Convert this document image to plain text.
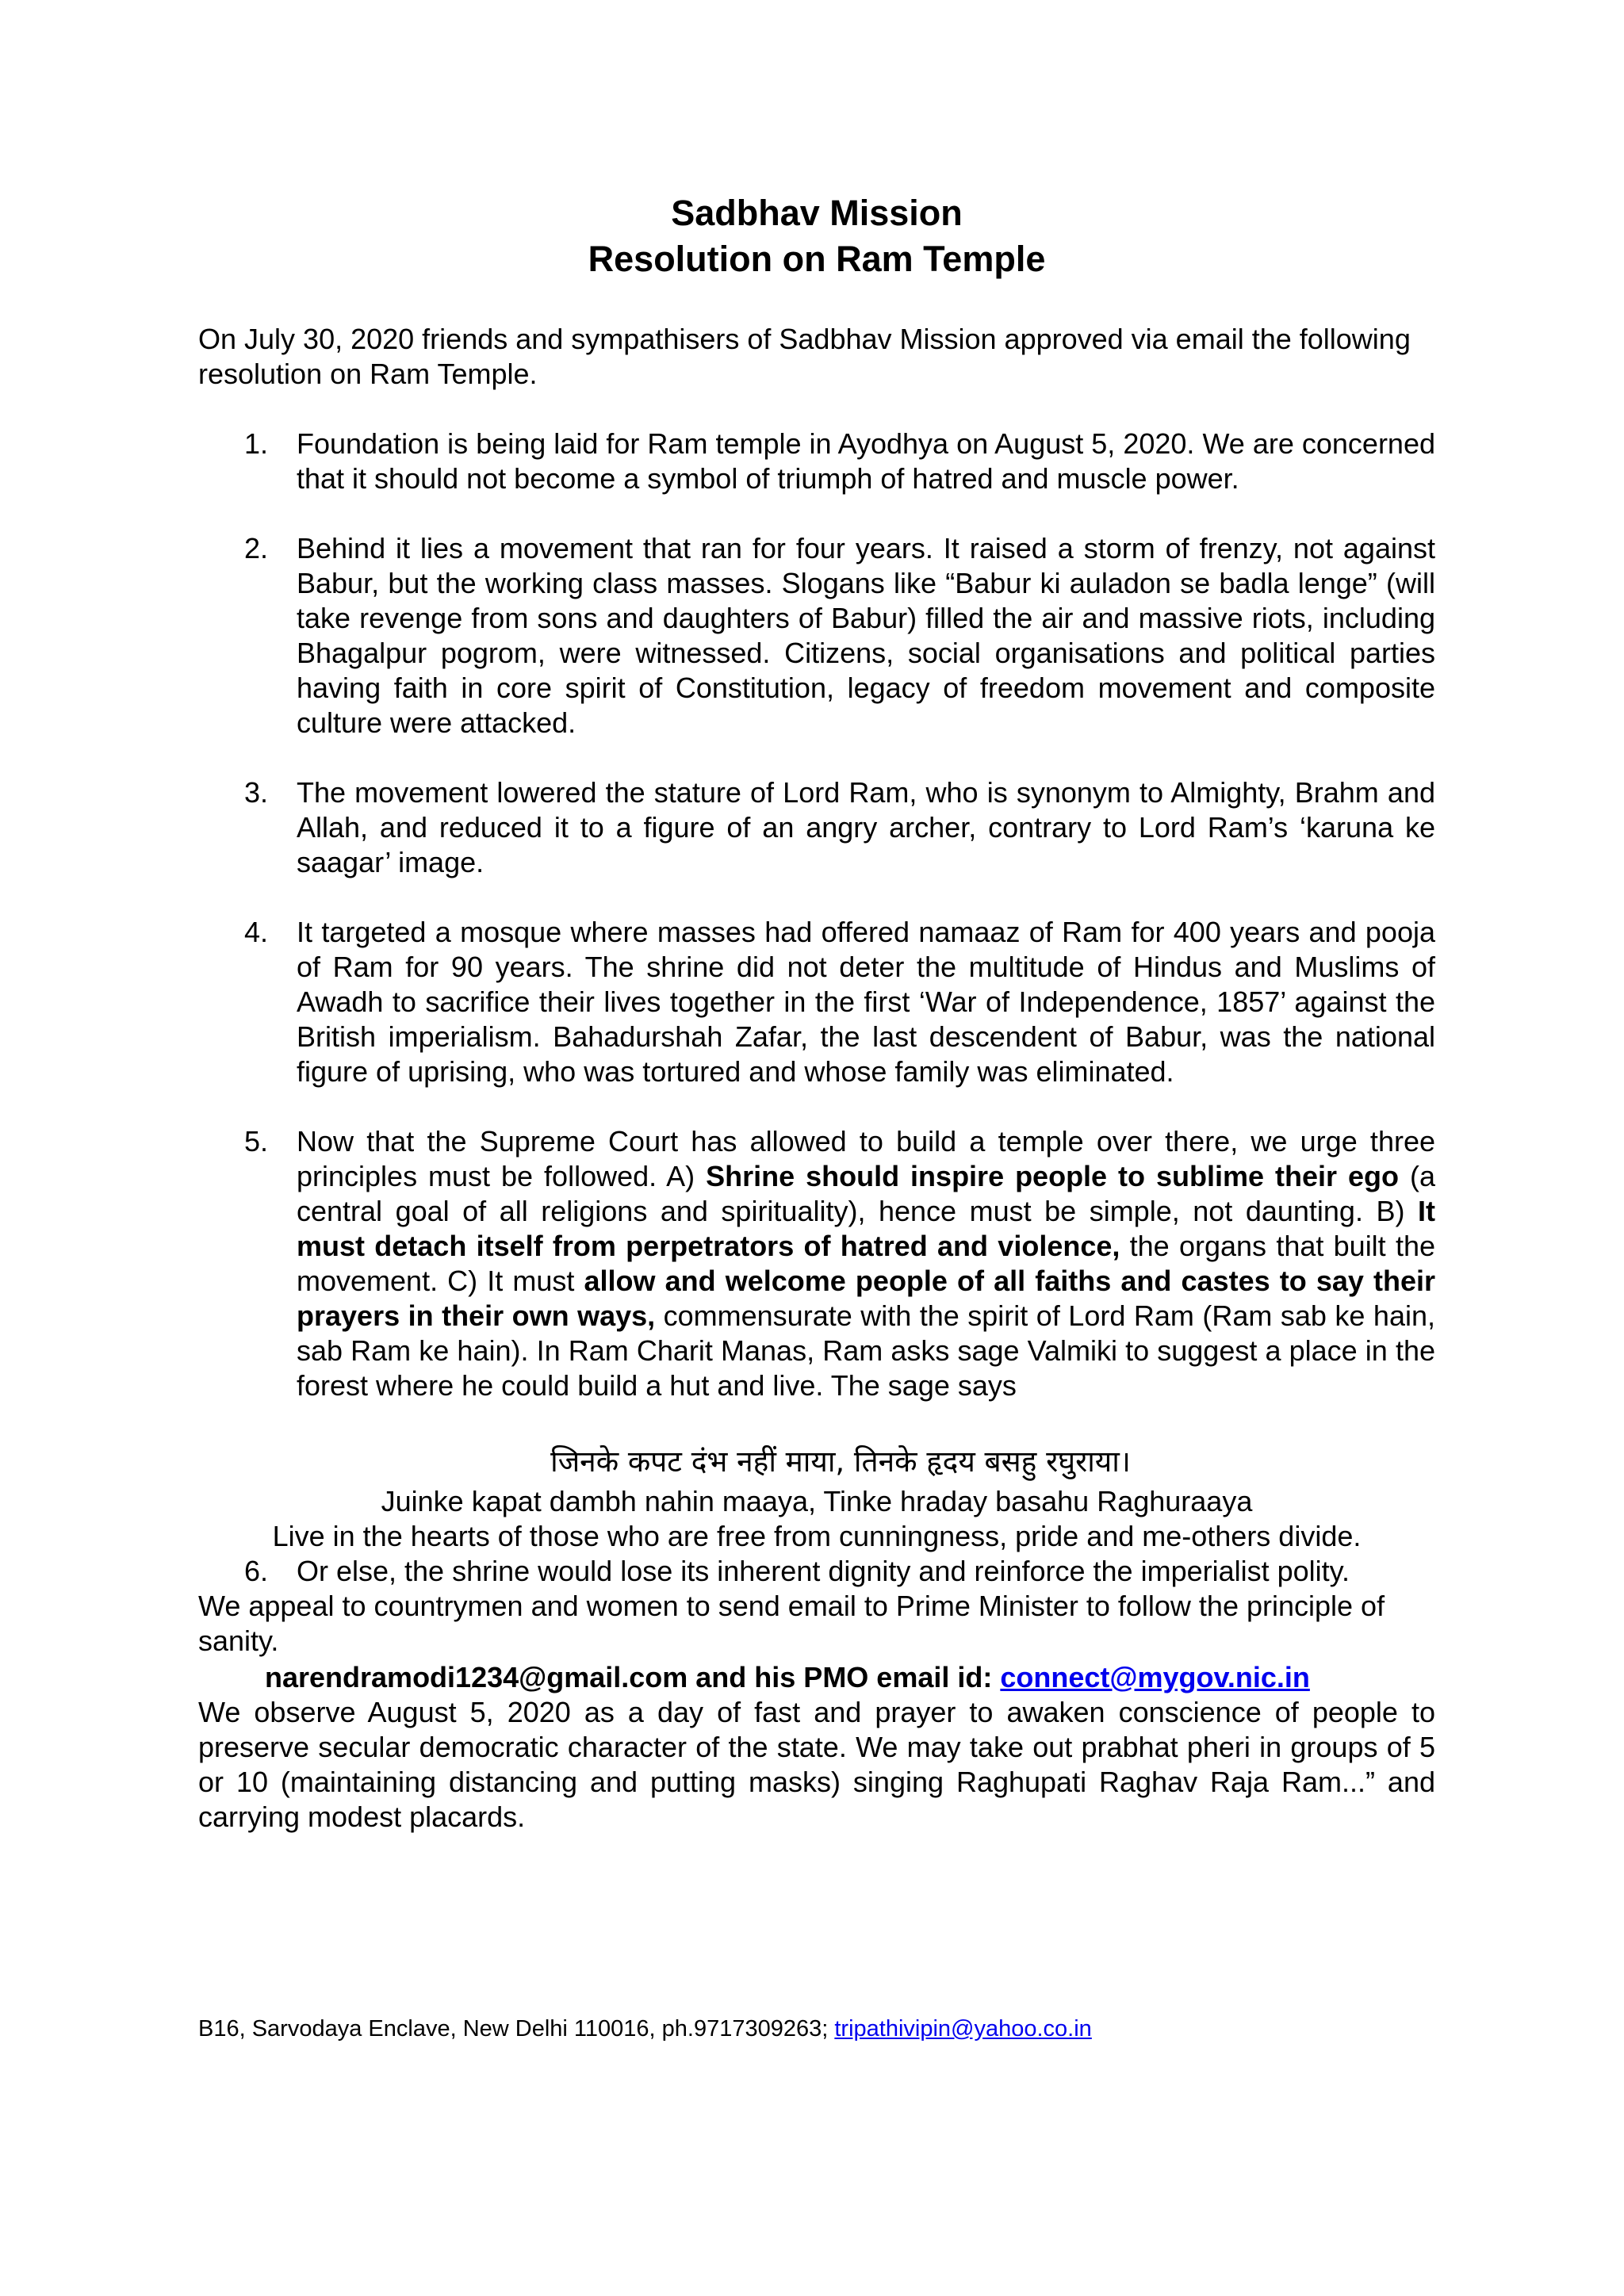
Sadbhav Mission
Resolution on Ram Temple

On July 30, 2020 friends and sympathisers of Sadbhav Mission approved via email the following resolution on Ram Temple.

1. Foundation is being laid for Ram temple in Ayodhya on August 5, 2020. We are concerned that it should not become a symbol of triumph of hatred and muscle power.
2. Behind it lies a movement that ran for four years. It raised a storm of frenzy, not against Babur, but the working class masses. Slogans like “Babur ki auladon se badla lenge” (will take revenge from sons and daughters of Babur) filled the air and massive riots, including Bhagalpur pogrom, were witnessed. Citizens, social organisations and political parties having faith in core spirit of Constitution, legacy of freedom movement and composite culture were attacked.
3. The movement lowered the stature of Lord Ram, who is synonym to Almighty, Brahm and Allah, and reduced it to a figure of an angry archer, contrary to Lord Ram’s ‘karuna ke saagar’ image.
4. It targeted a mosque where masses had offered namaaz of Ram for 400 years and pooja of Ram for 90 years. The shrine did not deter the multitude of Hindus and Muslims of Awadh to sacrifice their lives together in the first ‘War of Independence, 1857’ against the British imperialism. Bahadurshah Zafar, the last descendent of Babur, was the national figure of uprising, who was tortured and whose family was eliminated.
5. Now that the Supreme Court has allowed to build a temple over there, we urge three principles must be followed. A) Shrine should inspire people to sublime their ego (a central goal of all religions and spirituality), hence must be simple, not daunting. B) It must detach itself from perpetrators of hatred and violence, the organs that built the movement. C) It must allow and welcome people of all faiths and castes to say their prayers in their own ways, commensurate with the spirit of Lord Ram (Ram sab ke hain, sab Ram ke hain). In Ram Charit Manas, Ram asks sage Valmiki to suggest a place in the forest where he could build a hut and live. The sage says
जिनके कपट दंभ नहीं माया, तिनके हृदय बसहु रघुराया।
Juinke kapat dambh nahin maaya, Tinke hraday basahu Raghuraaya
Live in the hearts of those who are free from cunningness, pride and me-others divide.
6. Or else, the shrine would lose its inherent dignity and reinforce the imperialist polity.

We appeal to countrymen and women to send email to Prime Minister to follow the principle of sanity.

narendramodi1234@gmail.com and his PMO email id: connect@mygov.nic.in

We observe August 5, 2020 as a day of fast and prayer to awaken conscience of people to preserve secular democratic character of the state. We may take out prabhat pheri in groups of 5 or 10 (maintaining distancing and putting masks) singing Raghupati Raghav Raja Ram...” and carrying modest placards.

B16, Sarvodaya Enclave, New Delhi 110016, ph.9717309263; tripathivipin@yahoo.co.in
